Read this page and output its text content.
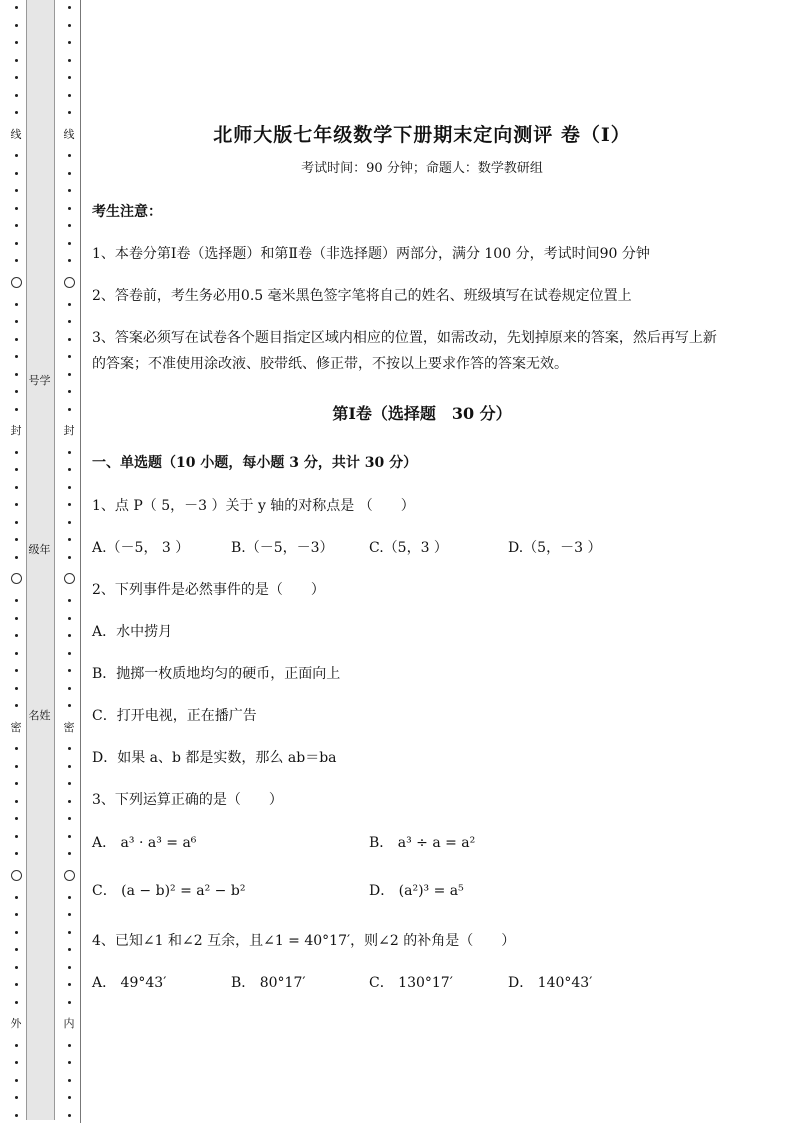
线
封
密
外
线
封
密
内
号学
级年
名姓
北师大版七年级数学下册期末定向测评 卷（Ⅰ）
考试时间：90 分钟；命题人：数学教研组
考生注意：
1、本卷分第Ⅰ卷（选择题）和第Ⅱ卷（非选择题）两部分，满分 100 分，考试时间90 分钟
2、答卷前，考生务必用0.5 毫米黑色签字笔将自己的姓名、班级填写在试卷规定位置上
3、答案必须写在试卷各个题目指定区域内相应的位置，如需改动，先划掉原来的答案，然后再写上新
的答案；不准使用涂改液、胶带纸、修正带，不按以上要求作答的答案无效。
第Ⅰ卷（选择题　30 分）
一、单选题（10 小题，每小题 3 分，共计 30 分）
1、点 P（ 5，－3 ）关于 y 轴的对称点是 （　　）
A.（－5， 3 ）	B.（－5，－3）	C.（5，3 ）	D.（5，－3 ）
2、下列事件是必然事件的是（　　）
A．水中捞月
B．抛掷一枚质地均匀的硬币，正面向上
C．打开电视，正在播广告
D．如果 a、b 都是实数，那么 ab＝ba
3、下列运算正确的是（　　）
A． a³ · a³ = a⁶	B． a³ ÷ a = a²
C． (a − b)² = a² − b²	D． (a²)³ = a⁵
4、已知∠1 和∠2 互余，且∠1 = 40°17′，则∠2 的补角是（　　）
A． 49°43′	B． 80°17′	C． 130°17′	D． 140°43′
